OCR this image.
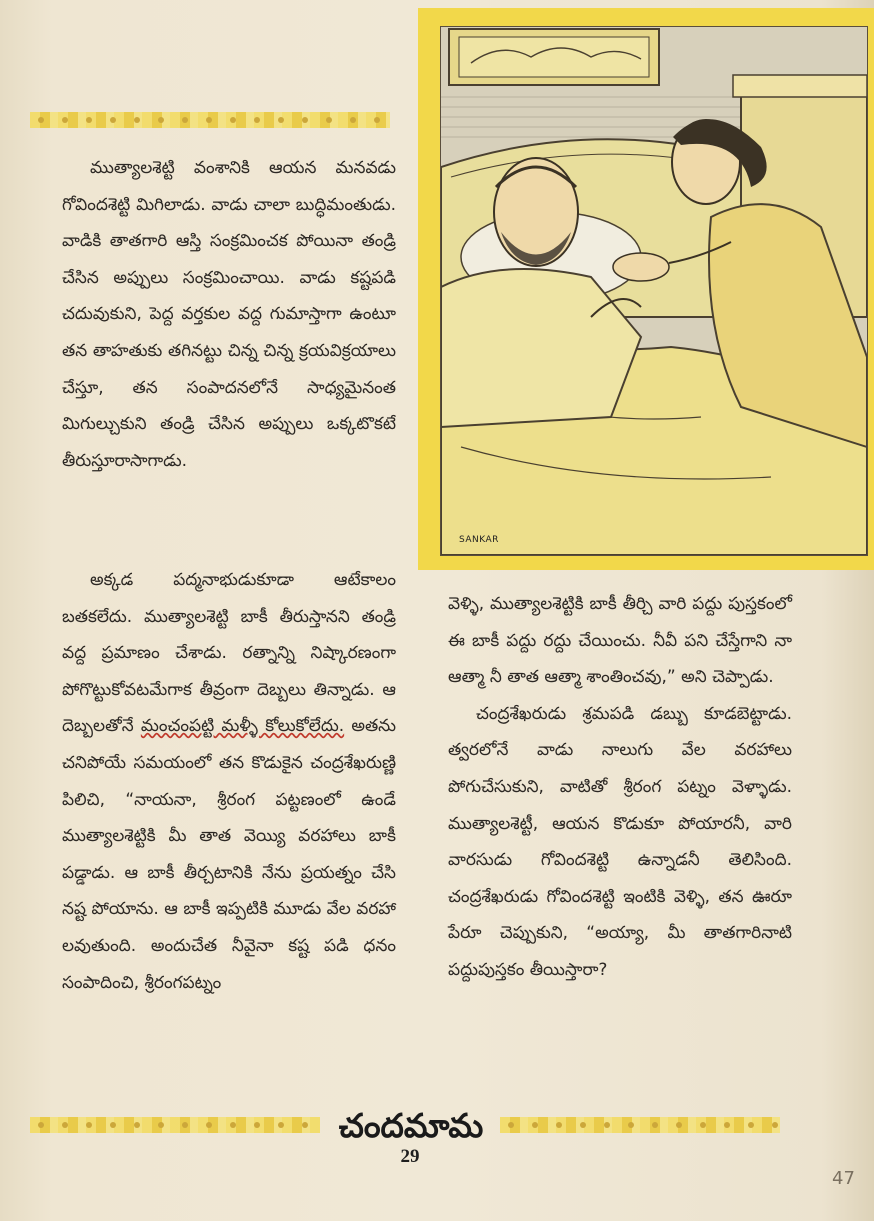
SANKAR

ముత్యాలశెట్టి వంశానికి ఆయన మనవడు గోవిందశెట్టి మిగిలాడు. వాడు చాలా బుద్ధిమంతుడు. వాడికి తాతగారి ఆస్తి సంక్రమించక పోయినా తండ్రి చేసిన అప్పులు సంక్రమించాయి. వాడు కష్టపడి చదువుకుని, పెద్ద వర్తకుల వద్ద గుమాస్తాగా ఉంటూ తన తాహతుకు తగినట్టు చిన్న చిన్న క్రయవిక్రయాలు చేస్తూ, తన సంపాదనలోనే సాధ్యమైనంత మిగుల్చుకుని తండ్రి చేసిన అప్పులు ఒక్కటొకటే తీరుస్తూరాసాగాడు.

అక్కడ పద్మనాభుడుకూడా ఆటేకాలం బతకలేదు. ముత్యాలశెట్టి బాకీ తీరుస్తానని తండ్రి వద్ద ప్రమాణం చేశాడు. రత్నాన్ని నిష్కారణంగా పోగొట్టుకోవటమేగాక తీవ్రంగా దెబ్బలు తిన్నాడు. ఆ దెబ్బలతోనే మంచంపట్టి మళ్ళీ కోలుకోలేదు. అతను చనిపోయే సమయంలో తన కొడుకైన చంద్రశేఖరుణ్ణి పిలిచి, “నాయనా, శ్రీరంగ పట్టణంలో ఉండే ముత్యాలశెట్టికి మీ తాత వెయ్యి వరహాలు బాకీ పడ్డాడు. ఆ బాకీ తీర్చటానికి నేను ప్రయత్నం చేసి నష్ట పోయాను. ఆ బాకీ ఇప్పటికి మూడు వేల వరహా లవుతుంది. అందుచేత నీవైనా కష్ట పడి ధనం సంపాదించి, శ్రీరంగపట్నం

వెళ్ళి, ముత్యాలశెట్టికి బాకీ తీర్చి వారి పద్దు పుస్తకంలో ఈ బాకీ పద్దు రద్దు చేయించు. నీవీ పని చేస్తేగాని నా ఆత్మా నీ తాత ఆత్మా శాంతించవు,” అని చెప్పాడు.

చంద్రశేఖరుడు శ్రమపడి డబ్బు కూడబెట్టాడు. త్వరలోనే వాడు నాలుగు వేల వరహాలు పోగుచేసుకుని, వాటితో శ్రీరంగ పట్నం వెళ్ళాడు. ముత్యాలశెట్టీ, ఆయన కొడుకూ పోయారనీ, వారి వారసుడు గోవిందశెట్టి ఉన్నాడనీ తెలిసింది. చంద్రశేఖరుడు గోవిందశెట్టి ఇంటికి వెళ్ళి, తన ఊరూ పేరూ చెప్పుకుని, “అయ్యా, మీ తాతగారినాటి పద్దుపుస్తకం తీయిస్తారా?

చందమామ
29
47
